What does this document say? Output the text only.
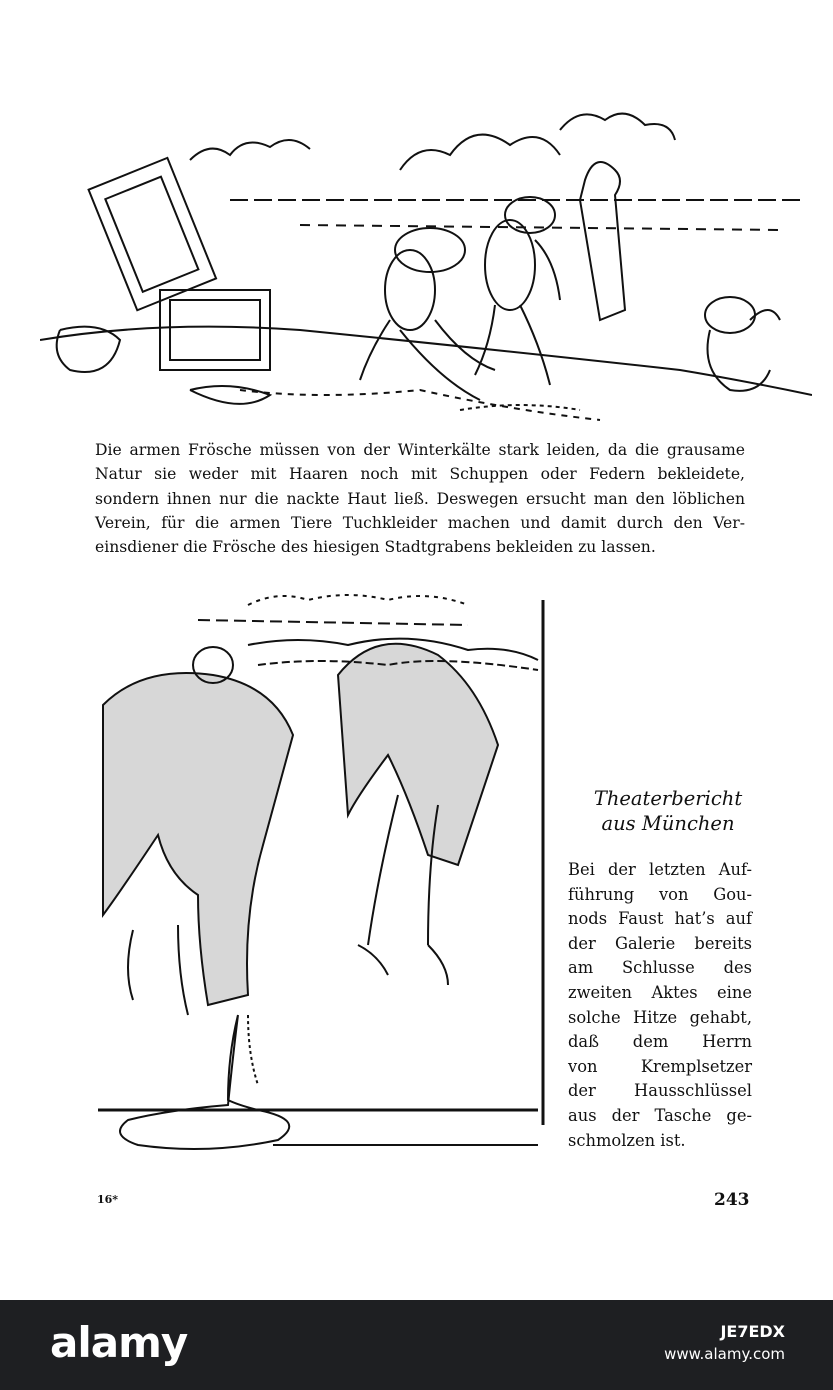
Die armen Frösche müssen von der Winterkälte stark leiden, da die grausame
Natur sie weder mit Haaren noch mit Schuppen oder Federn bekleidete,
sondern ihnen nur die nackte Haut ließ. Deswegen ersucht man den löblichen
Verein, für die armen Tiere Tuchkleider machen und damit durch den Ver-
einsdiener die Frösche des hiesigen Stadtgrabens bekleiden zu lassen.
Theaterbericht
aus München
Bei der letzten Auf-
führung von Gou-
nods Faust hat’s auf
der Galerie bereits
am Schlusse des
zweiten Aktes eine
solche Hitze gehabt,
daß dem Herrn
von Kremplsetzer
der Hausschlüssel
aus der Tasche ge-
schmolzen ist.
16*	243
alamy	JE7EDX
www.alamy.com
